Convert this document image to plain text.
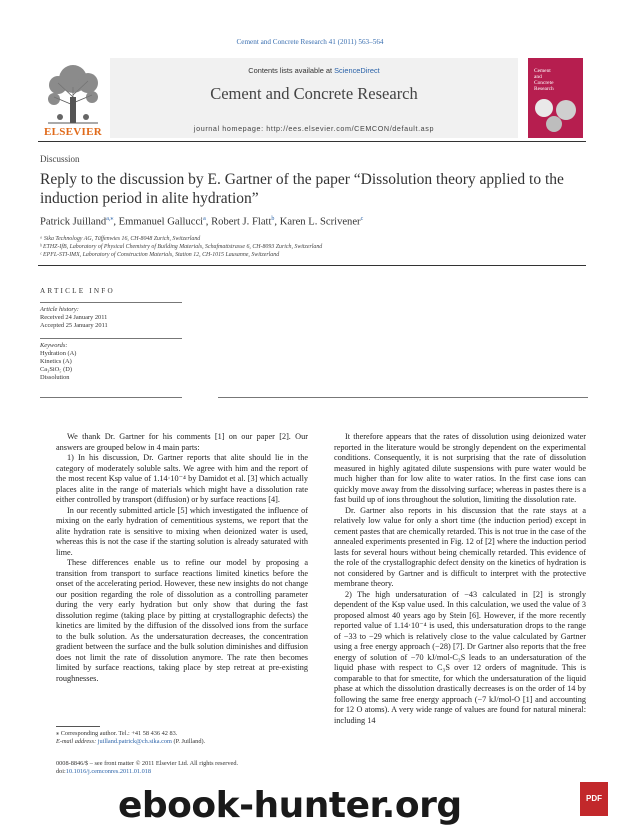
Cement and Concrete Research 41 (2011) 563–564
Contents lists available at ScienceDirect
Cement and Concrete Research
journal homepage: http://ees.elsevier.com/CEMCON/default.asp
ELSEVIER
Cement
and
Concrete
Research
Discussion
Reply to the discussion by E. Gartner of the paper “Dissolution theory applied to the induction period in alite hydration”
Patrick Juilland$^{a,⁎}$, Emmanuel Gallucci$^a$, Robert J. Flatt$^b$, Karen L. Scrivener$^c$
ᵃ Sika Technology AG, Tüffenwies 16, CH-8048 Zurich, Switzerland
ᵇ ETHZ-IfB, Laboratory of Physical Chemistry of Building Materials, Schafmattstrasse 6, CH-8093 Zurich, Switzerland
ᶜ EPFL-STI-IMX, Laboratory of Construction Materials, Station 12, CH-1015 Lausanne, Switzerland
ARTICLE INFO
Article history:
Received 24 January 2011
Accepted 25 January 2011
Keywords:
Hydration (A)
Kinetics (A)
Ca₃SiO₅ (D)
Dissolution

We thank Dr. Gartner for his comments [1] on our paper [2]. Our answers are grouped below in 4 main parts:

1) In his discussion, Dr. Gartner reports that alite should lie in the category of moderately soluble salts. We agree with him and the report of the most recent Ksp value of 1.14·10⁻⁴ by Damidot et al. [3] which actually places alite in the range of materials which might have a dissolution rate either controlled by transport (diffusion) or by surface reactions [4].

In our recently submitted article [5] which investigated the influence of mixing on the early hydration of cementitious systems, we report that the alite hydration rate is sensitive to mixing when deionized water is used, whereas this is not the case if the starting solution is already saturated with lime.

These differences enable us to refine our model by proposing a transition from transport to surface reactions limited kinetics before the onset of the accelerating period. However, these new insights do not change our position regarding the role of dissolution as a controlling parameter during the very early hydration but only show that during the fast dissolution regime (taking place by pitting at crystallographic defects) the kinetics are limited by the diffusion of the dissolved ions from the surface to the bulk solution. As the undersaturation decreases, the concentration gradient between the surface and the bulk solution diminishes and diffusion does not limit the rate of dissolution anymore. The rate then becomes limited by surface reactions, taking place by step retreat at pre-existing roughnesses.

It therefore appears that the rates of dissolution using deionized water reported in the literature would be strongly dependent on the experimental conditions. Consequently, it is not surprising that the rate of dissolution measured in highly agitated dilute suspensions with pure water would be much higher than for low alite to water ratios. In the first case ions can quickly move away from the dissolving surface; whereas in pastes there is a fast build up of ions throughout the solution, limiting the dissolution rate.

Dr. Gartner also reports in his discussion that the rate stays at a relatively low value for only a short time (the induction period) except in cement pastes that are chemically retarded. This is not true in the case of the annealed experiments presented in Fig. 12 of [2] where the induction period lasts for several hours without being chemically retarded. This evidence of the role of the crystallographic defect density on the kinetics of hydration is not considered by Gartner and is difficult to interpret with the protective membrane theory.

2) The high undersaturation of −43 calculated in [2] is strongly dependent of the Ksp value used. In this calculation, we used the value of 3 proposed almost 40 years ago by Stein [6]. However, if the more recently reported value of 1.14·10⁻⁴ is used, this undersaturation drops to the range of −33 to −29 which is relatively close to the value calculated by Gartner using a free energy approach (−28) [7]. Dr Gartner also reports that the free energy of solution of −70 kJ/mol-C₃S leads to an undersaturation of the liquid phase with respect to C₃S over 12 orders of magnitude. This is comparable to that for smectite, for which the undersaturation of the liquid phase at which the dissolution drastically decreases is on the order of 14 by following the same free energy approach (−7 kJ/mol-O [1] and accounting for 12 O atoms). A very wide range of values are found for natural mineral: including 14

⁎ Corresponding author. Tel.: +41 58 436 42 83.
E-mail address: juilland.patrick@ch.sika.com (P. Juilland).
0008-8846/$ – see front matter © 2011 Elsevier Ltd. All rights reserved.
doi:10.1016/j.cemconres.2011.01.018
ebook-hunter.org	PDF
